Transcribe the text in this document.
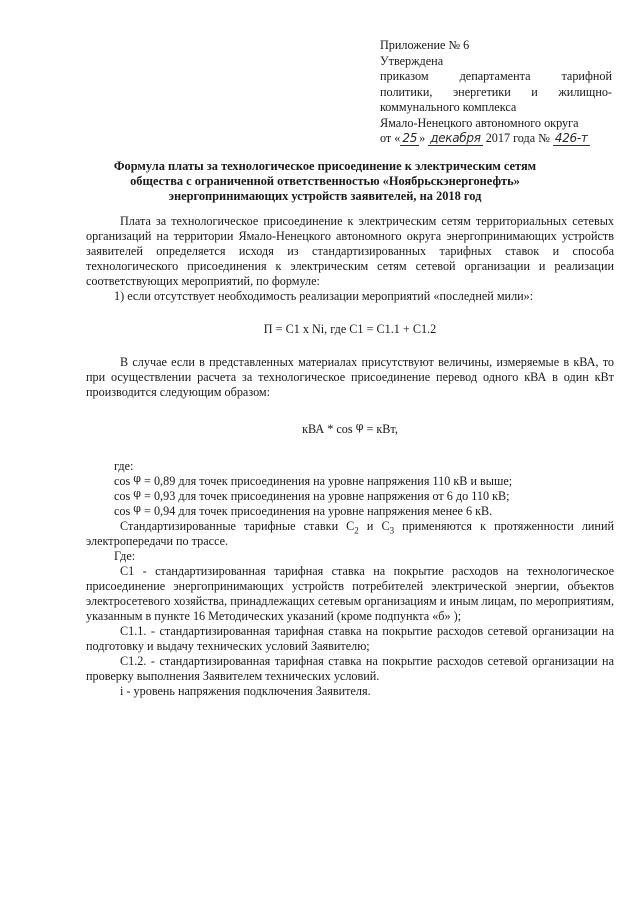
Приложение № 6
Утверждена
приказом департамента тарифной
политики, энергетики и жилищно-
коммунального комплекса
Ямало-Ненецкого автономного округа
от « 25 » декабря 2017 года № 426-т
Формула платы за технологическое присоединение к электрическим сетям
общества с ограниченной ответственностью «Ноябрьскэнергонефть»
энергопринимающих устройств заявителей, на 2018 год

Плата за технологическое присоединение к электрическим сетям территориальных сетевых организаций на территории Ямало-Ненецкого автономного округа энергопринимающих устройств заявителей определяется исходя из стандартизированных тарифных ставок и способа технологического присоединения к электрическим сетям сетевой организации и реализации соответствующих мероприятий, по формуле:

1) если отсутствует необходимость реализации мероприятий «последней мили»:

П = С1 х Ni, где С1 = С1.1 + С1.2

В случае если в представленных материалах присутствуют величины, измеряемые в кВА, то при осуществлении расчета за технологическое присоединение перевод одного кВА в один кВт производится следующим образом:

кВА * cos φ = кВт,

где:

cos φ = 0,89 для точек присоединения на уровне напряжения 110 кВ и выше;

cos φ = 0,93 для точек присоединения на уровне напряжения от 6 до 110 кВ;

cos φ = 0,94 для точек присоединения на уровне напряжения менее 6 кВ.

Стандартизированные тарифные ставки $С_2$ и $С_3$ применяются к протяженности линий электропередачи по трассе.

Где:

С1 - стандартизированная тарифная ставка на покрытие расходов на технологическое присоединение энергопринимающих устройств потребителей электрической энергии, объектов электросетевого хозяйства, принадлежащих сетевым организациям и иным лицам, по мероприятиям, указанным в пункте 16 Методических указаний (кроме подпункта «б» );

С1.1. - стандартизированная тарифная ставка на покрытие расходов сетевой организации на подготовку и выдачу технических условий Заявителю;

С1.2. - стандартизированная тарифная ставка на покрытие расходов сетевой организации на проверку выполнения Заявителем технических условий.

i - уровень напряжения подключения Заявителя.
